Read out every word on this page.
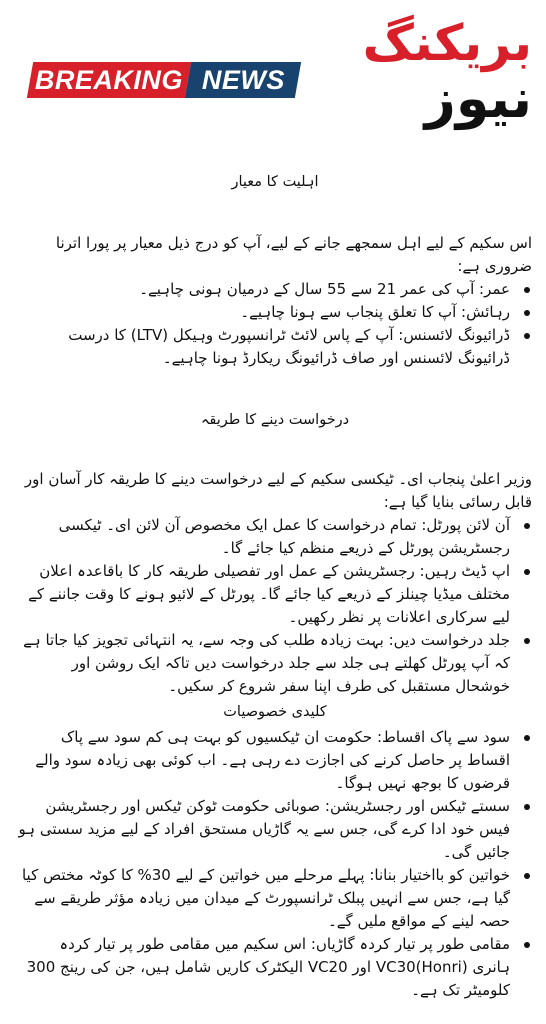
بریکنگ
نیوز
BREAKING NEWS
اہلیت کا معیار

اس سکیم کے لیے اہل سمجھے جانے کے لیے، آپ کو درج ذیل معیار پر پورا اترنا ضروری ہے:

عمر: آپ کی عمر 21 سے 55 سال کے درمیان ہونی چاہیے۔
رہائش: آپ کا تعلق پنجاب سے ہونا چاہیے۔
ڈرائیونگ لائسنس: آپ کے پاس لائٹ ٹرانسپورٹ وہیکل (LTV) کا درست ڈرائیونگ لائسنس اور صاف ڈرائیونگ ریکارڈ ہونا چاہیے۔
درخواست دینے کا طریقہ

وزیر اعلیٰ پنجاب ای۔ ٹیکسی سکیم کے لیے درخواست دینے کا طریقہ کار آسان اور قابل رسائی بنایا گیا ہے:

آن لائن پورٹل: تمام درخواست کا عمل ایک مخصوص آن لائن ای۔ ٹیکسی رجسٹریشن پورٹل کے ذریعے منظم کیا جائے گا۔
اپ ڈیٹ رہیں: رجسٹریشن کے عمل اور تفصیلی طریقہ کار کا باقاعدہ اعلان مختلف میڈیا چینلز کے ذریعے کیا جائے گا۔ پورٹل کے لائیو ہونے کا وقت جاننے کے لیے سرکاری اعلانات پر نظر رکھیں۔
جلد درخواست دیں: بہت زیادہ طلب کی وجہ سے، یہ انتہائی تجویز کیا جاتا ہے کہ آپ پورٹل کھلتے ہی جلد سے جلد درخواست دیں تاکہ ایک روشن اور خوشحال مستقبل کی طرف اپنا سفر شروع کر سکیں۔
کلیدی خصوصیات
سود سے پاک اقساط: حکومت ان ٹیکسیوں کو بہت ہی کم سود سے پاک اقساط پر حاصل کرنے کی اجازت دے رہی ہے۔ اب کوئی بھی زیادہ سود والے قرضوں کا بوجھ نہیں ہوگا۔
سستے ٹیکس اور رجسٹریشن: صوبائی حکومت ٹوکن ٹیکس اور رجسٹریشن فیس خود ادا کرے گی، جس سے یہ گاڑیاں مستحق افراد کے لیے مزید سستی ہو جائیں گی۔
خواتین کو بااختیار بنانا: پہلے مرحلے میں خواتین کے لیے 30% کا کوٹہ مختص کیا گیا ہے، جس سے انہیں پبلک ٹرانسپورٹ کے میدان میں زیادہ مؤثر طریقے سے حصہ لینے کے مواقع ملیں گے۔
مقامی طور پر تیار کردہ گاڑیاں: اس سکیم میں مقامی طور پر تیار کردہ ہانری (VC30(Honri اور VC20 الیکٹرک کاریں شامل ہیں، جن کی رینج 300 کلومیٹر تک ہے۔
